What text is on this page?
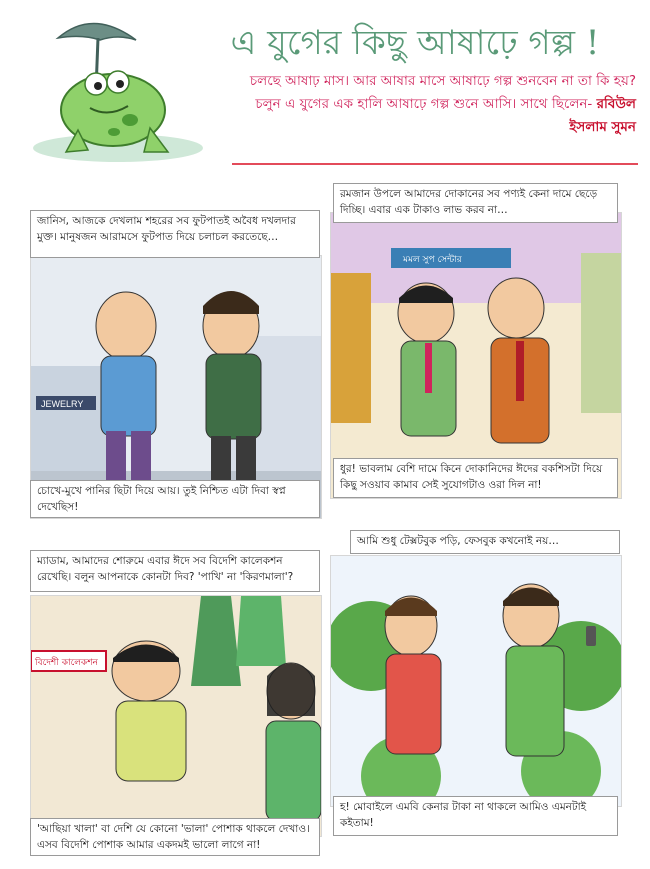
এ যুগের কিছু আষাঢ়ে গল্প !
চলছে আষাঢ় মাস। আর আষার মাসে আষাঢ়ে গল্প শুনবেন না তা কি হয়? চলুন এ যুগের এক হালি আষাঢ়ে গল্প শুনে আসি। সাথে ছিলেন- রবিউল ইসলাম সুমন
JEWELRY
জানিস, আজকে দেখলাম শহরের সব ফুটপাতই অবৈধ দখলদার মুক্ত। মানুষজন আরামসে ফুটপাত দিয়ে চলাচল করতেছে…
চোখে-মুখে পানির ছিটা দিয়ে আয়। তুই নিশ্চিত এটা দিবা স্বপ্ন দেখেছিস!
মমল সুপ সেন্টার
রমজান উপলে আমাদের দোকানের সব পণ্যই কেনা দামে ছেড়ে দিচ্ছি। এবার এক টাকাও লাভ করব না…
ধুর! ভাবলাম বেশি দামে কিনে দোকানিদের ঈদের বকশিসটা দিয়ে কিছু সওয়াব কামাব সেই সুযোগটাও ওরা দিল না!
বিদেশী কালেকশন
ম্যাডাম, আমাদের শোরুমে এবার ঈদে সব বিদেশি কালেকশন রেখেছি। বলুন আপনাকে কোনটা দিব? 'পাখি' না 'কিরণমালা'?
'আছিয়া খালা' বা দেশি যে কোনো 'ভালা' পোশাক থাকলে দেখাও। এসব বিদেশি পোশাক আমার একদমই ভালো লাগে না!
আমি শুধু টেক্সটবুক পড়ি, ফেসবুক কখনোই নয়…
হ! মোবাইলে এমবি কেনার টাকা না থাকলে আমিও এমনটাই কইতাম!
